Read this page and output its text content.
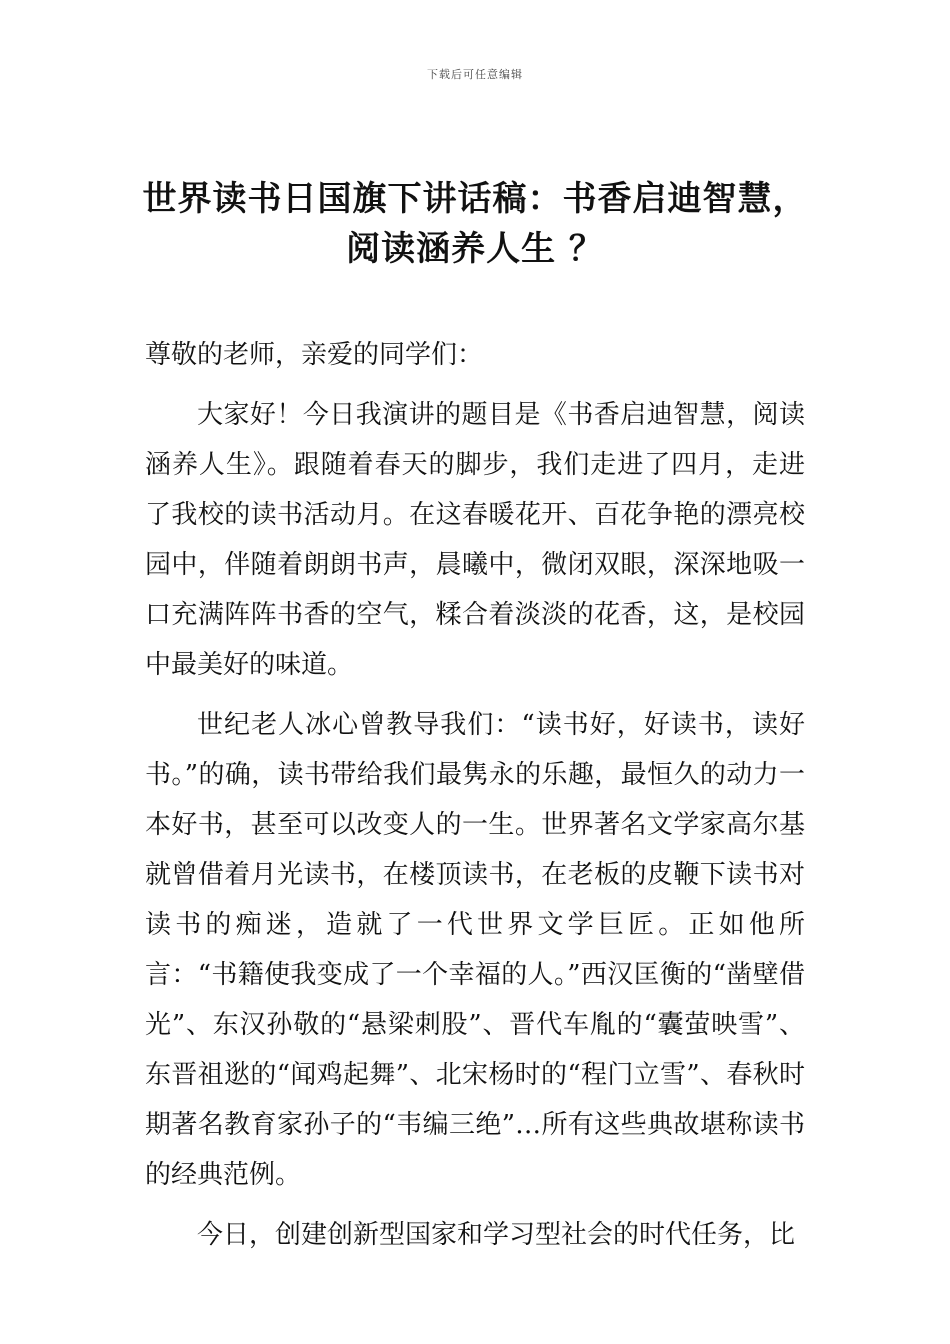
下载后可任意编辑
世界读书日国旗下讲话稿：书香启迪智慧，
阅读涵养人生 ？

尊敬的老师，亲爱的同学们：

大家好！今日我演讲的题目是《书香启迪智慧，阅读涵养人生》。跟随着春天的脚步，我们走进了四月，走进了我校的读书活动月。在这春暖花开、百花争艳的漂亮校园中，伴随着朗朗书声，晨曦中，微闭双眼，深深地吸一口充满阵阵书香的空气，糅合着淡淡的花香，这，是校园中最美好的味道。

世纪老人冰心曾教导我们：“读书好，好读书，读好书。”的确，读书带给我们最隽永的乐趣，最恒久的动力一本好书，甚至可以改变人的一生。世界著名文学家高尔基就曾借着月光读书，在楼顶读书，在老板的皮鞭下读书对读书的痴迷，造就了一代世界文学巨匠。正如他所言：“书籍使我变成了一个幸福的人。”西汉匡衡的“凿壁借光”、东汉孙敬的“悬梁刺股”、晋代车胤的“囊萤映雪”、东晋祖逖的“闻鸡起舞”、北宋杨时的“程门立雪”、春秋时期著名教育家孙子的“韦编三绝”…所有这些典故堪称读书的经典范例。

今日，创建创新型国家和学习型社会的时代任务，比
